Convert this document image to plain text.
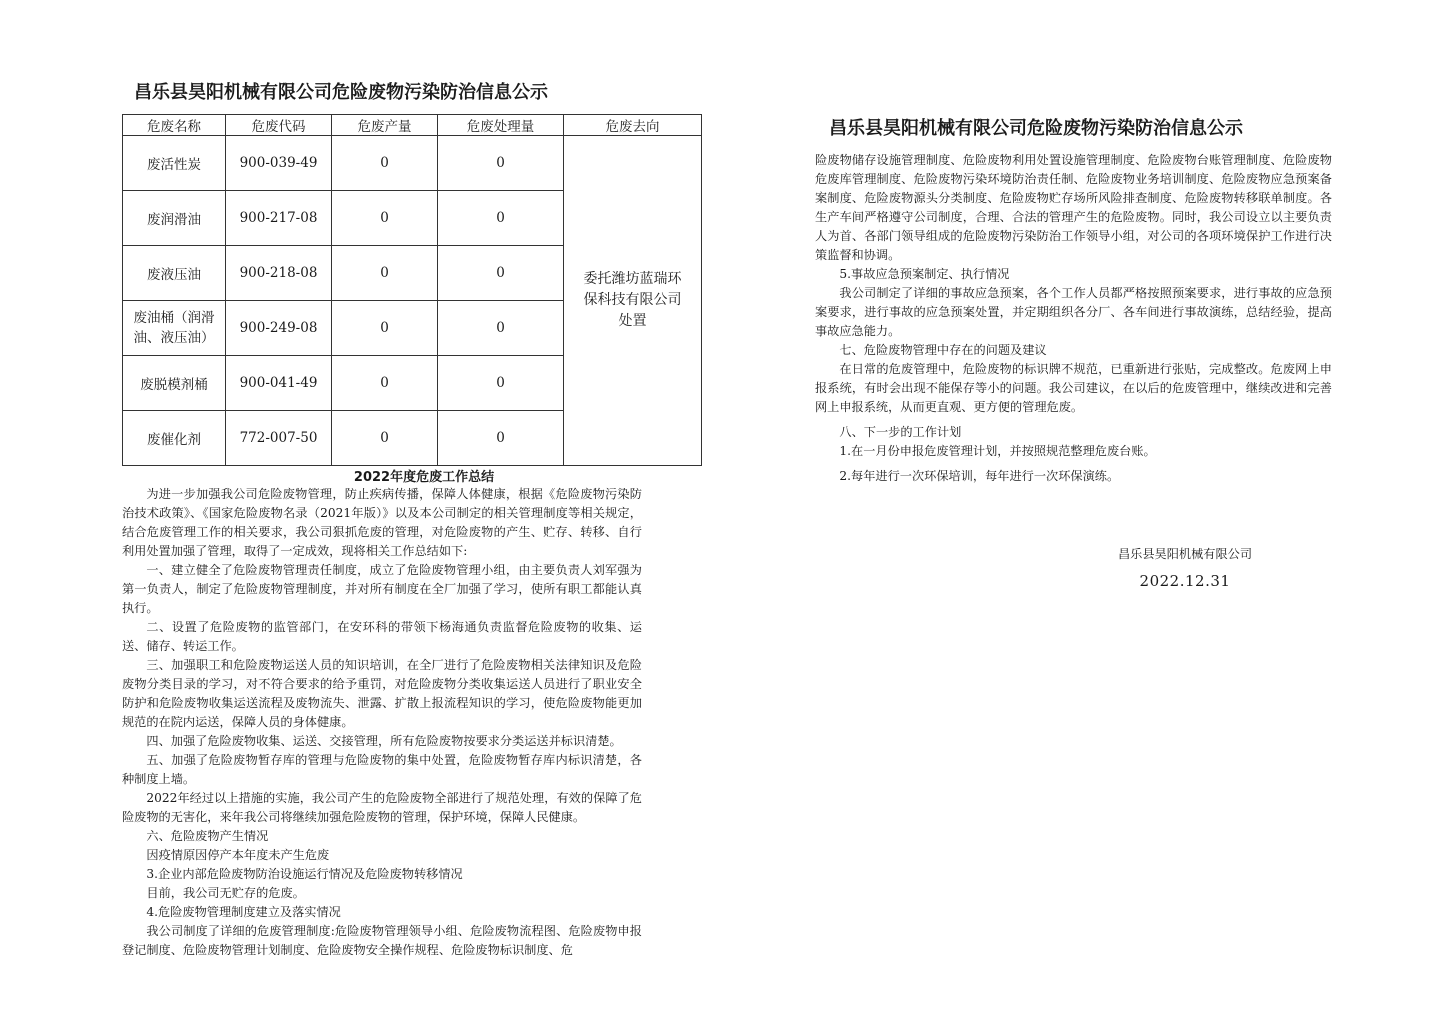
昌乐县昊阳机械有限公司危险废物污染防治信息公示
危废名称	危废代码	危废产量	危废处理量	危废去向
废活性炭	900-039-49	0	0	委托潍坊蓝瑞环保科技有限公司处置
废润滑油	900-217-08	0	0	
废液压油	900-218-08	0	0	
废油桶（润滑油、液压油）	900-249-08	0	0	
废脱模剂桶	900-041-49	0	0	
废催化剂	772-007-50	0	0	
2022年度危废工作总结

为进一步加强我公司危险废物管理，防止疾病传播，保障人体健康，根据《危险废物污染防治技术政策》、《国家危险废物名录（2021年版）》以及本公司制定的相关管理制度等相关规定，结合危废管理工作的相关要求，我公司狠抓危废的管理，对危险废物的产生、贮存、转移、自行利用处置加强了管理，取得了一定成效，现将相关工作总结如下:

一、建立健全了危险废物管理责任制度，成立了危险废物管理小组，由主要负责人刘军强为第一负责人，制定了危险废物管理制度，并对所有制度在全厂加强了学习，使所有职工都能认真执行。

二、设置了危险废物的监管部门，在安环科的带领下杨海通负责监督危险废物的收集、运送、储存、转运工作。

三、加强职工和危险废物运送人员的知识培训，在全厂进行了危险废物相关法律知识及危险废物分类目录的学习，对不符合要求的给予重罚，对危险废物分类收集运送人员进行了职业安全防护和危险废物收集运送流程及废物流失、泄露、扩散上报流程知识的学习，使危险废物能更加规范的在院内运送，保障人员的身体健康。

四、加强了危险废物收集、运送、交接管理，所有危险废物按要求分类运送并标识清楚。

五、加强了危险废物暂存库的管理与危险废物的集中处置，危险废物暂存库内标识清楚，各种制度上墙。

2022年经过以上措施的实施，我公司产生的危险废物全部进行了规范处理，有效的保障了危险废物的无害化，来年我公司将继续加强危险废物的管理，保护环境，保障人民健康。

六、危险废物产生情况

因疫情原因停产本年度未产生危废

3.企业内部危险废物防治设施运行情况及危险废物转移情况

目前，我公司无贮存的危废。

4.危险废物管理制度建立及落实情况

我公司制度了详细的危废管理制度:危险废物管理领导小组、危险废物流程图、危险废物申报登记制度、危险废物管理计划制度、危险废物安全操作规程、危险废物标识制度、危

昌乐县昊阳机械有限公司危险废物污染防治信息公示

险废物储存设施管理制度、危险废物利用处置设施管理制度、危险废物台账管理制度、危险废物危废库管理制度、危险废物污染环境防治责任制、危险废物业务培训制度、危险废物应急预案备案制度、危险废物源头分类制度、危险废物贮存场所风险排查制度、危险废物转移联单制度。各生产车间严格遵守公司制度，合理、合法的管理产生的危险废物。同时，我公司设立以主要负责人为首、各部门领导组成的危险废物污染防治工作领导小组，对公司的各项环境保护工作进行决策监督和协调。

5.事故应急预案制定、执行情况

我公司制定了详细的事故应急预案，各个工作人员都严格按照预案要求，进行事故的应急预案要求，进行事故的应急预案处置，并定期组织各分厂、各车间进行事故演练，总结经验，提高事故应急能力。

七、危险废物管理中存在的问题及建议

在日常的危废管理中，危险废物的标识牌不规范，已重新进行张贴，完成整改。危废网上申报系统，有时会出现不能保存等小的问题。我公司建议，在以后的危废管理中，继续改进和完善网上申报系统，从而更直观、更方便的管理危废。

八、下一步的工作计划

1.在一月份申报危废管理计划，并按照规范整理危废台账。

2.每年进行一次环保培训，每年进行一次环保演练。

昌乐县昊阳机械有限公司
2022.12.31
